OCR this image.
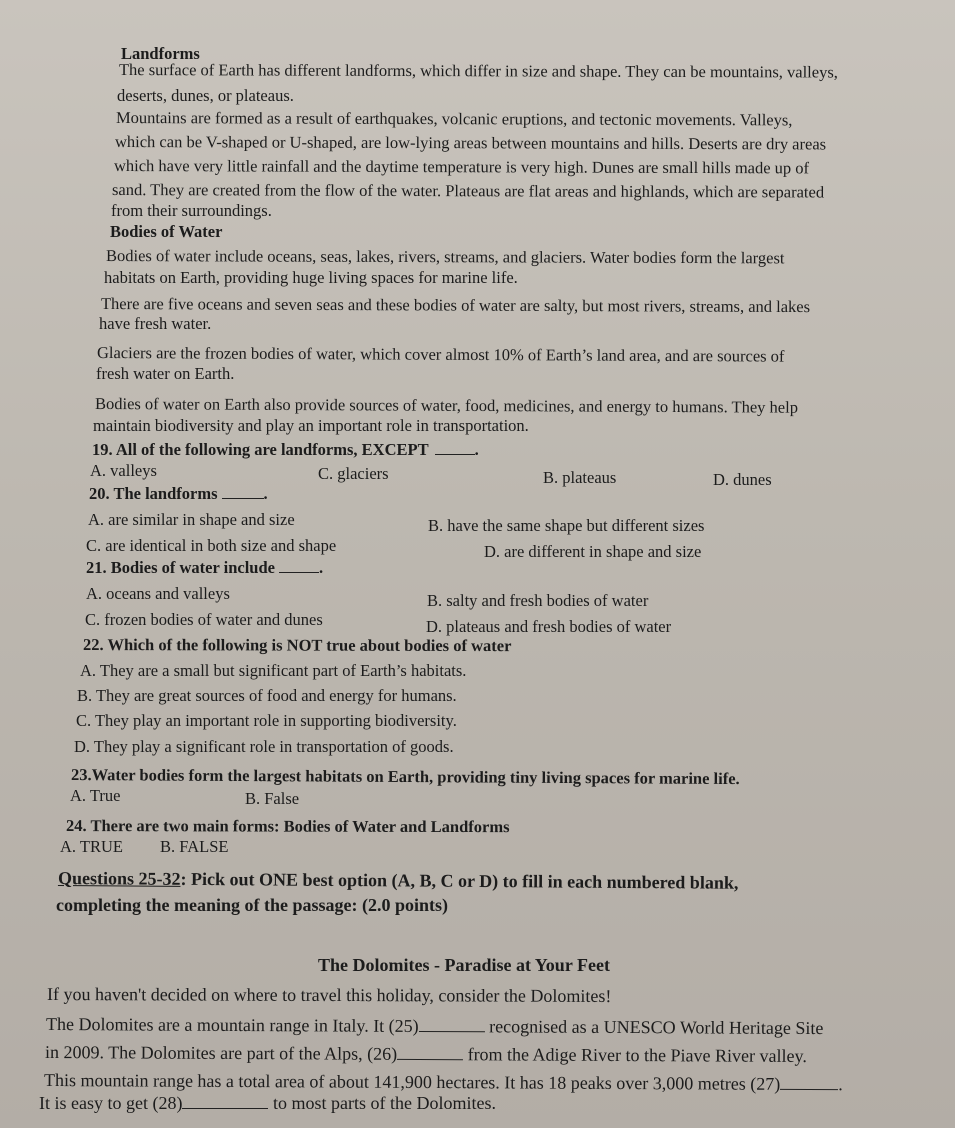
Landforms
The surface of Earth has different landforms, which differ in size and shape. They can be mountains, valleys,
deserts, dunes, or plateaus.
Mountains are formed as a result of earthquakes, volcanic eruptions, and tectonic movements. Valleys,
which can be V-shaped or U-shaped, are low-lying areas between mountains and hills. Deserts are dry areas
which have very little rainfall and the daytime temperature is very high. Dunes are small hills made up of
sand. They are created from the flow of the water. Plateaus are flat areas and highlands, which are separated
from their surroundings.
Bodies of Water
Bodies of water include oceans, seas, lakes, rivers, streams, and glaciers. Water bodies form the largest
habitats on Earth, providing huge living spaces for marine life.
There are five oceans and seven seas and these bodies of water are salty, but most rivers, streams, and lakes
have fresh water.
Glaciers are the frozen bodies of water, which cover almost 10% of Earth’s land area, and are sources of
fresh water on Earth.
Bodies of water on Earth also provide sources of water, food, medicines, and energy to humans. They help
maintain biodiversity and play an important role in transportation.
19. All of the following are landforms, EXCEPT	.
A. valleys	C. glaciers	B. plateaus	D. dunes
20. The landforms	.
A. are similar in shape and size	B. have the same shape but different sizes
C. are identical in both size and shape	D. are different in shape and size
21. Bodies of water include	.
A. oceans and valleys	B. salty and fresh bodies of water
C. frozen bodies of water and dunes	D. plateaus and fresh bodies of water
22. Which of the following is NOT true about bodies of water
A. They are a small but significant part of Earth’s habitats.
B. They are great sources of food and energy for humans.
C. They play an important role in supporting biodiversity.
D. They play a significant role in transportation of goods.
23.Water bodies form the largest habitats on Earth, providing tiny living spaces for marine life.
A. True	B. False
24. There are two main forms: Bodies of Water and Landforms
A. TRUE B. FALSE
Questions 25-32: Pick out ONE best option (A, B, C or D) to fill in each numbered blank,
completing the meaning of the passage: (2.0 points)
The Dolomites - Paradise at Your Feet
If you haven't decided on where to travel this holiday, consider the Dolomites!
The Dolomites are a mountain range in Italy. It (25)	recognised as a UNESCO World Heritage Site
in 2009. The Dolomites are part of the Alps, (26)	from the Adige River to the Piave River valley.
This mountain range has a total area of about 141,900 hectares. It has 18 peaks over 3,000 metres (27)	.
It is easy to get (28)	to most parts of the Dolomites.
